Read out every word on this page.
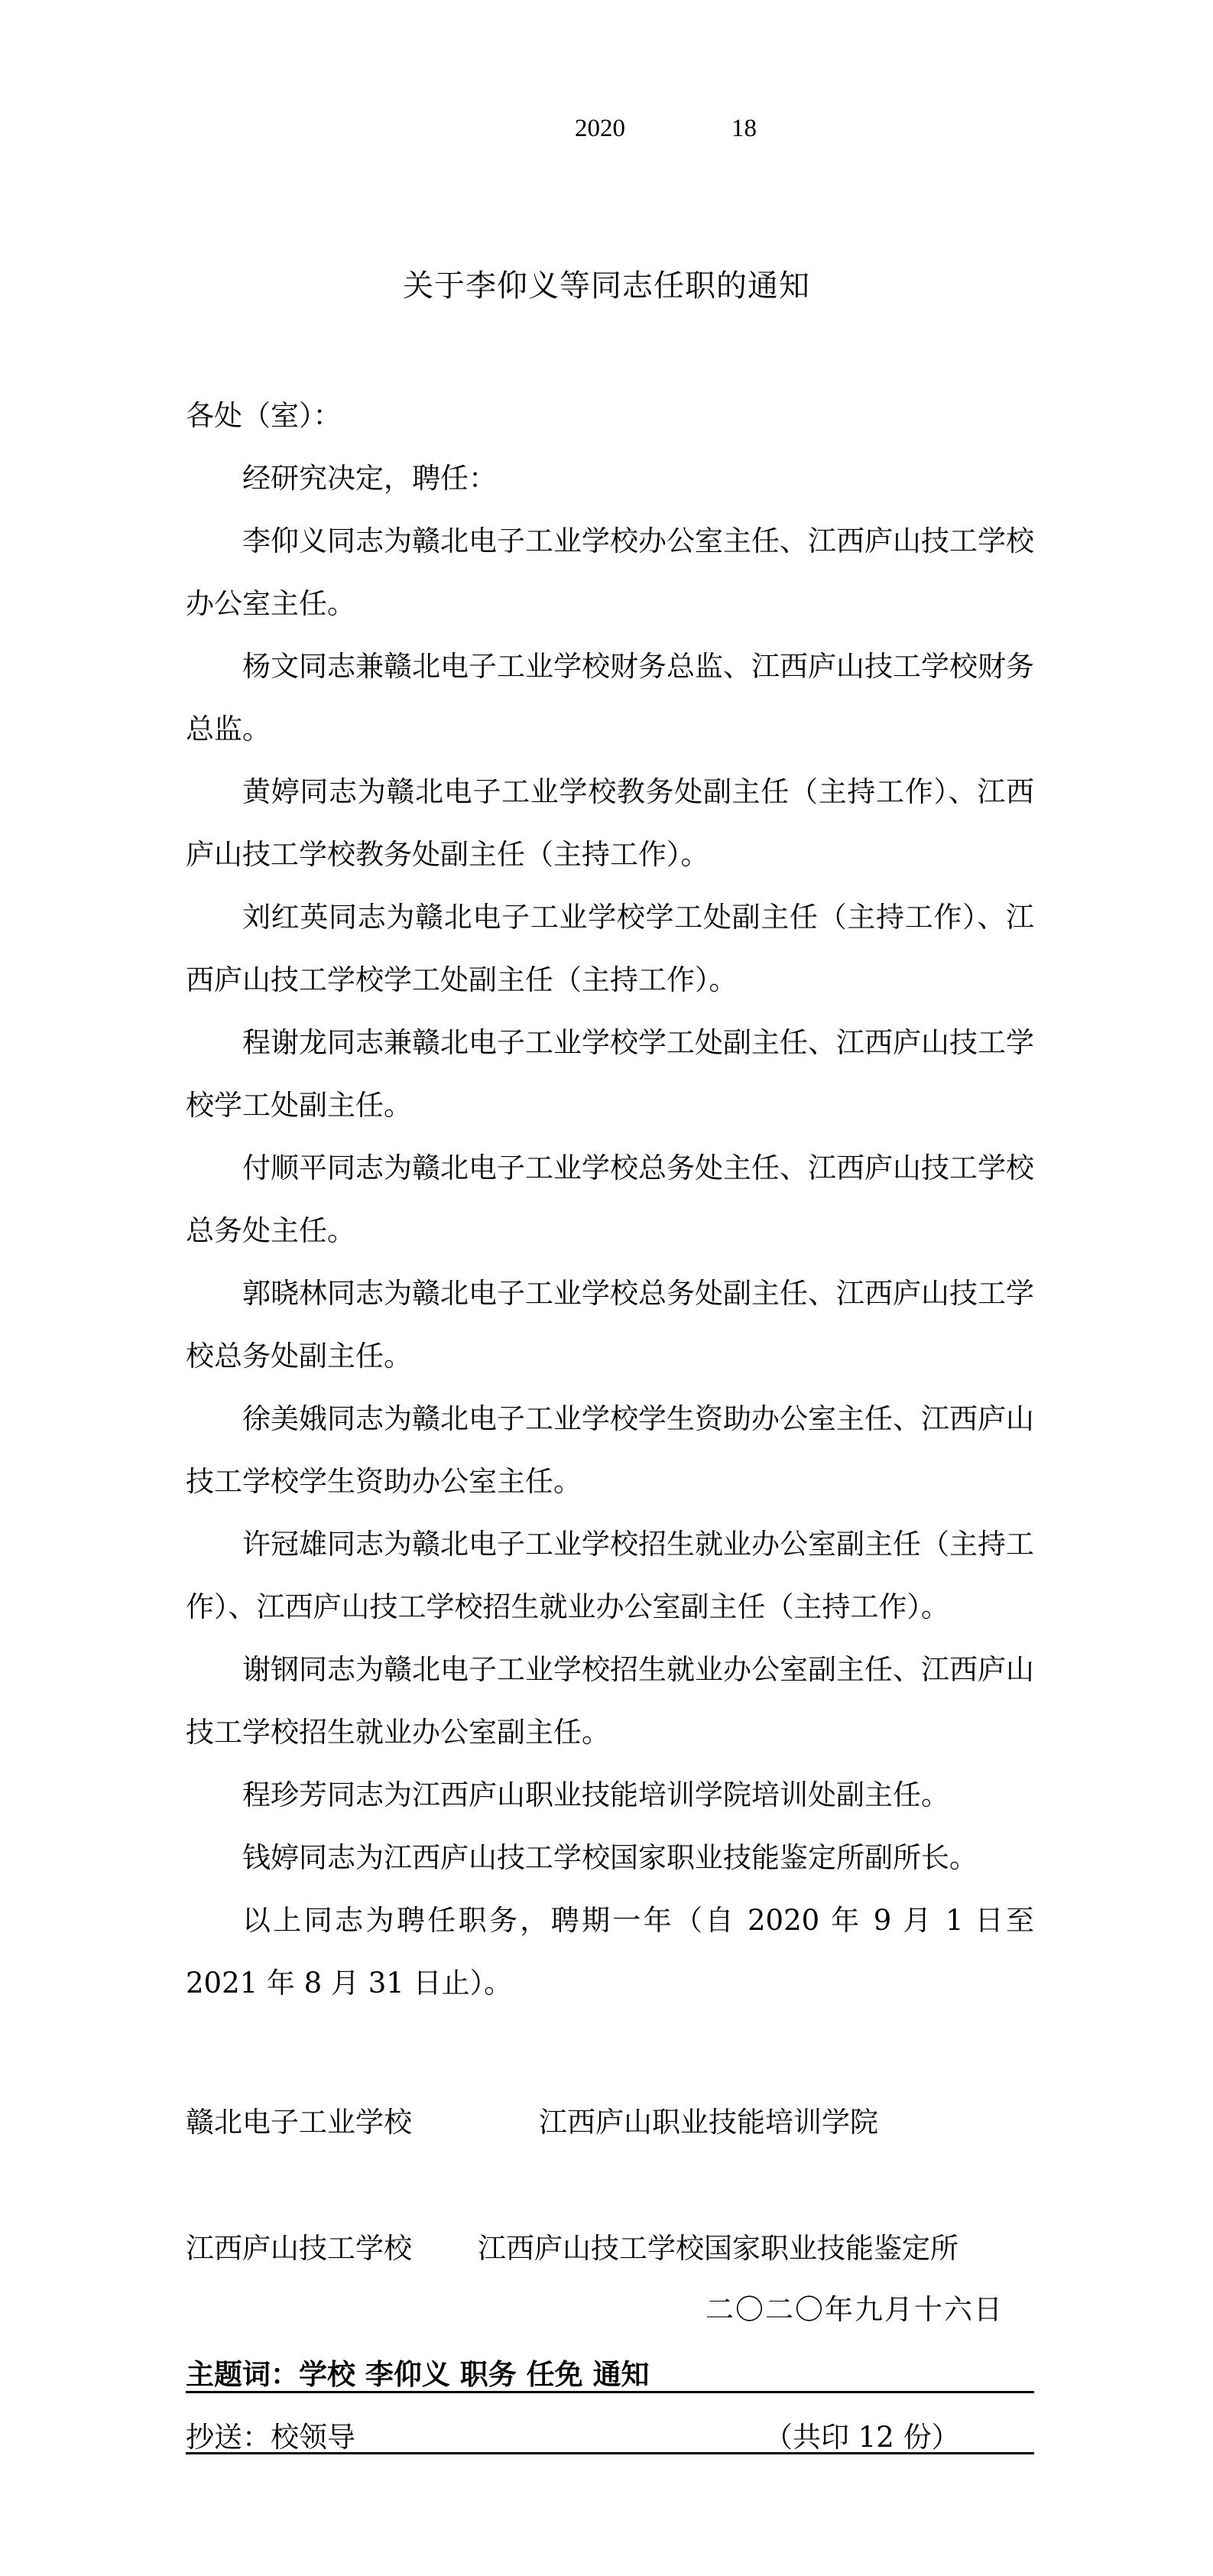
2020	18
关于李仰义等同志任职的通知

各处（室）：

经研究决定，聘任：

李仰义同志为赣北电子工业学校办公室主任、江西庐山技工学校办公室主任。

杨文同志兼赣北电子工业学校财务总监、江西庐山技工学校财务总监。

黄婷同志为赣北电子工业学校教务处副主任（主持工作）、江西庐山技工学校教务处副主任（主持工作）。

刘红英同志为赣北电子工业学校学工处副主任（主持工作）、江西庐山技工学校学工处副主任（主持工作）。

程谢龙同志兼赣北电子工业学校学工处副主任、江西庐山技工学校学工处副主任。

付顺平同志为赣北电子工业学校总务处主任、江西庐山技工学校总务处主任。

郭晓林同志为赣北电子工业学校总务处副主任、江西庐山技工学校总务处副主任。

徐美娥同志为赣北电子工业学校学生资助办公室主任、江西庐山技工学校学生资助办公室主任。

许冠雄同志为赣北电子工业学校招生就业办公室副主任（主持工作）、江西庐山技工学校招生就业办公室副主任（主持工作）。

谢钢同志为赣北电子工业学校招生就业办公室副主任、江西庐山技工学校招生就业办公室副主任。

程珍芳同志为江西庐山职业技能培训学院培训处副主任。

钱婷同志为江西庐山技工学校国家职业技能鉴定所副所长。

以上同志为聘任职务，聘期一年（自 2020 年 9 月 1 日至 2021 年 8 月 31 日止）。

赣北电子工业学校	江西庐山职业技能培训学院
江西庐山技工学校 江西庐山技工学校国家职业技能鉴定所
二〇二〇年九月十六日
主题词：学校 李仰义 职务 任免 通知
抄送：校领导	（共印 12 份）
